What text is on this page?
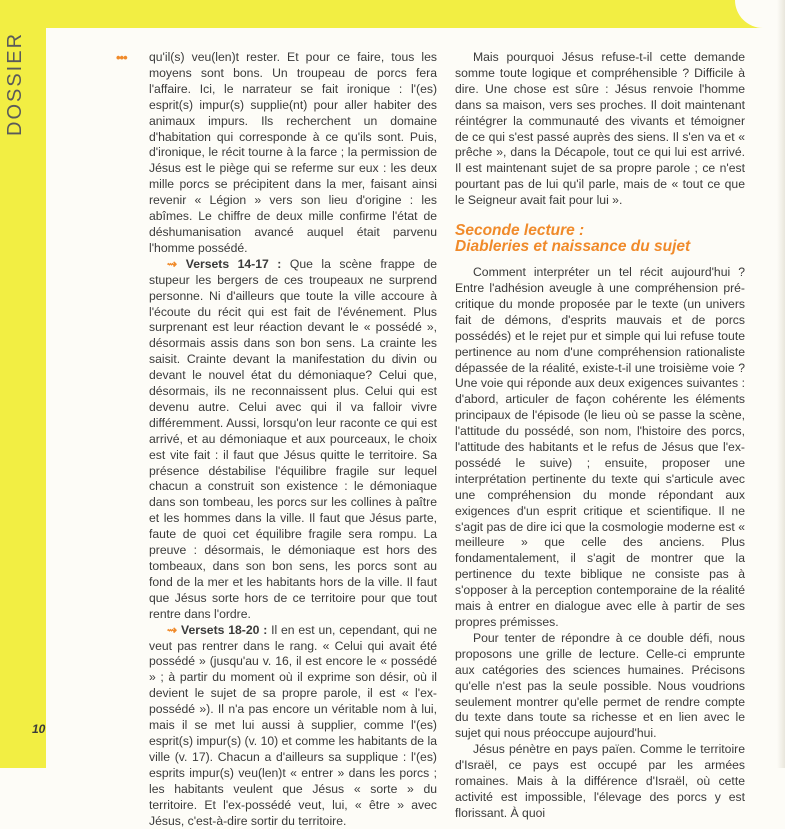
DOSSIER	••• qu'il(s) veu(len)t rester. Et pour ce faire, tous les moyens sont bons. Un troupeau de porcs fera l'affaire. Ici, le narrateur se fait ironique : l'(es) esprit(s) impur(s) supplie(nt) pour aller habiter des animaux impurs. Ils recherchent un domaine d'habitation qui corresponde à ce qu'ils sont. Puis, d'ironique, le récit tourne à la farce ; la permission de Jésus est le piège qui se referme sur eux : les deux mille porcs se précipitent dans la mer, faisant ainsi revenir « Légion » vers son lieu d'origine : les abîmes. Le chiffre de deux mille confirme l'état de déshumanisation avancé auquel était parvenu l'homme possédé.

⇝ Versets 14-17 : Que la scène frappe de stupeur les bergers de ces troupeaux ne surprend personne. Ni d'ailleurs que toute la ville accoure à l'écoute du récit qui est fait de l'événement. Plus surprenant est leur réaction devant le « possédé », désormais assis dans son bon sens. La crainte les saisit. Crainte devant la manifestation du divin ou devant le nouvel état du démoniaque? Celui que, désormais, ils ne reconnaissent plus. Celui qui est devenu autre. Celui avec qui il va falloir vivre différemment. Aussi, lorsqu'on leur raconte ce qui est arrivé, et au démoniaque et aux pourceaux, le choix est vite fait : il faut que Jésus quitte le territoire. Sa présence déstabilise l'équilibre fragile sur lequel chacun a construit son existence : le démoniaque dans son tombeau, les porcs sur les collines à paître et les hommes dans la ville. Il faut que Jésus parte, faute de quoi cet équilibre fragile sera rompu. La preuve : désormais, le démoniaque est hors des tombeaux, dans son bon sens, les porcs sont au fond de la mer et les habitants hors de la ville. Il faut que Jésus sorte hors de ce territoire pour que tout rentre dans l'ordre.

⇝ Versets 18-20 : Il en est un, cependant, qui ne veut pas rentrer dans le rang. « Celui qui avait été possédé » (jusqu'au v. 16, il est encore le « possédé » ; à partir du moment où il exprime son désir, où il devient le sujet de sa propre parole, il est « l'ex-possédé »). Il n'a pas encore un véritable nom à lui, mais il se met lui aussi à supplier, comme l'(es) esprit(s) impur(s) (v. 10) et comme les habitants de la ville (v. 17). Chacun a d'ailleurs sa supplique : l'(es) esprits impur(s) veu(len)t « entrer » dans les porcs ; les habitants veulent que Jésus « sorte » du territoire. Et l'ex-possédé veut, lui, « être » avec Jésus, c'est-à-dire sortir du territoire.

Mais pourquoi Jésus refuse-t-il cette demande somme toute logique et compréhensible ? Difficile à dire. Une chose est sûre : Jésus renvoie l'homme dans sa maison, vers ses proches. Il doit maintenant réintégrer la communauté des vivants et témoigner de ce qui s'est passé auprès des siens. Il s'en va et « prêche », dans la Décapole, tout ce qui lui est arrivé. Il est maintenant sujet de sa propre parole ; ce n'est pourtant pas de lui qu'il parle, mais de « tout ce que le Seigneur avait fait pour lui ».

Seconde lecture :
Diableries et naissance du sujet

Comment interpréter un tel récit aujourd'hui ? Entre l'adhésion aveugle à une compréhension pré-critique du monde proposée par le texte (un univers fait de démons, d'esprits mauvais et de porcs possédés) et le rejet pur et simple qui lui refuse toute pertinence au nom d'une compréhension rationaliste dépassée de la réalité, existe-t-il une troisième voie ? Une voie qui réponde aux deux exigences suivantes : d'abord, articuler de façon cohérente les éléments principaux de l'épisode (le lieu où se passe la scène, l'attitude du possédé, son nom, l'histoire des porcs, l'attitude des habitants et le refus de Jésus que l'ex-possédé le suive) ; ensuite, proposer une interprétation pertinente du texte qui s'articule avec une compréhension du monde répondant aux exigences d'un esprit critique et scientifique. Il ne s'agit pas de dire ici que la cosmologie moderne est « meilleure » que celle des anciens. Plus fondamentalement, il s'agit de montrer que la pertinence du texte biblique ne consiste pas à s'opposer à la perception contemporaine de la réalité mais à entrer en dialogue avec elle à partir de ses propres prémisses.

Pour tenter de répondre à ce double défi, nous proposons une grille de lecture. Celle-ci emprunte aux catégories des sciences humaines. Précisons qu'elle n'est pas la seule possible. Nous voudrions seulement montrer qu'elle permet de rendre compte du texte dans toute sa richesse et en lien avec le sujet qui nous préoccupe aujourd'hui.

Jésus pénètre en pays païen. Comme le territoire d'Israël, ce pays est occupé par les armées romaines. Mais à la différence d'Israël, où cette activité est impossible, l'élevage des porcs y est florissant. À quoi

10
